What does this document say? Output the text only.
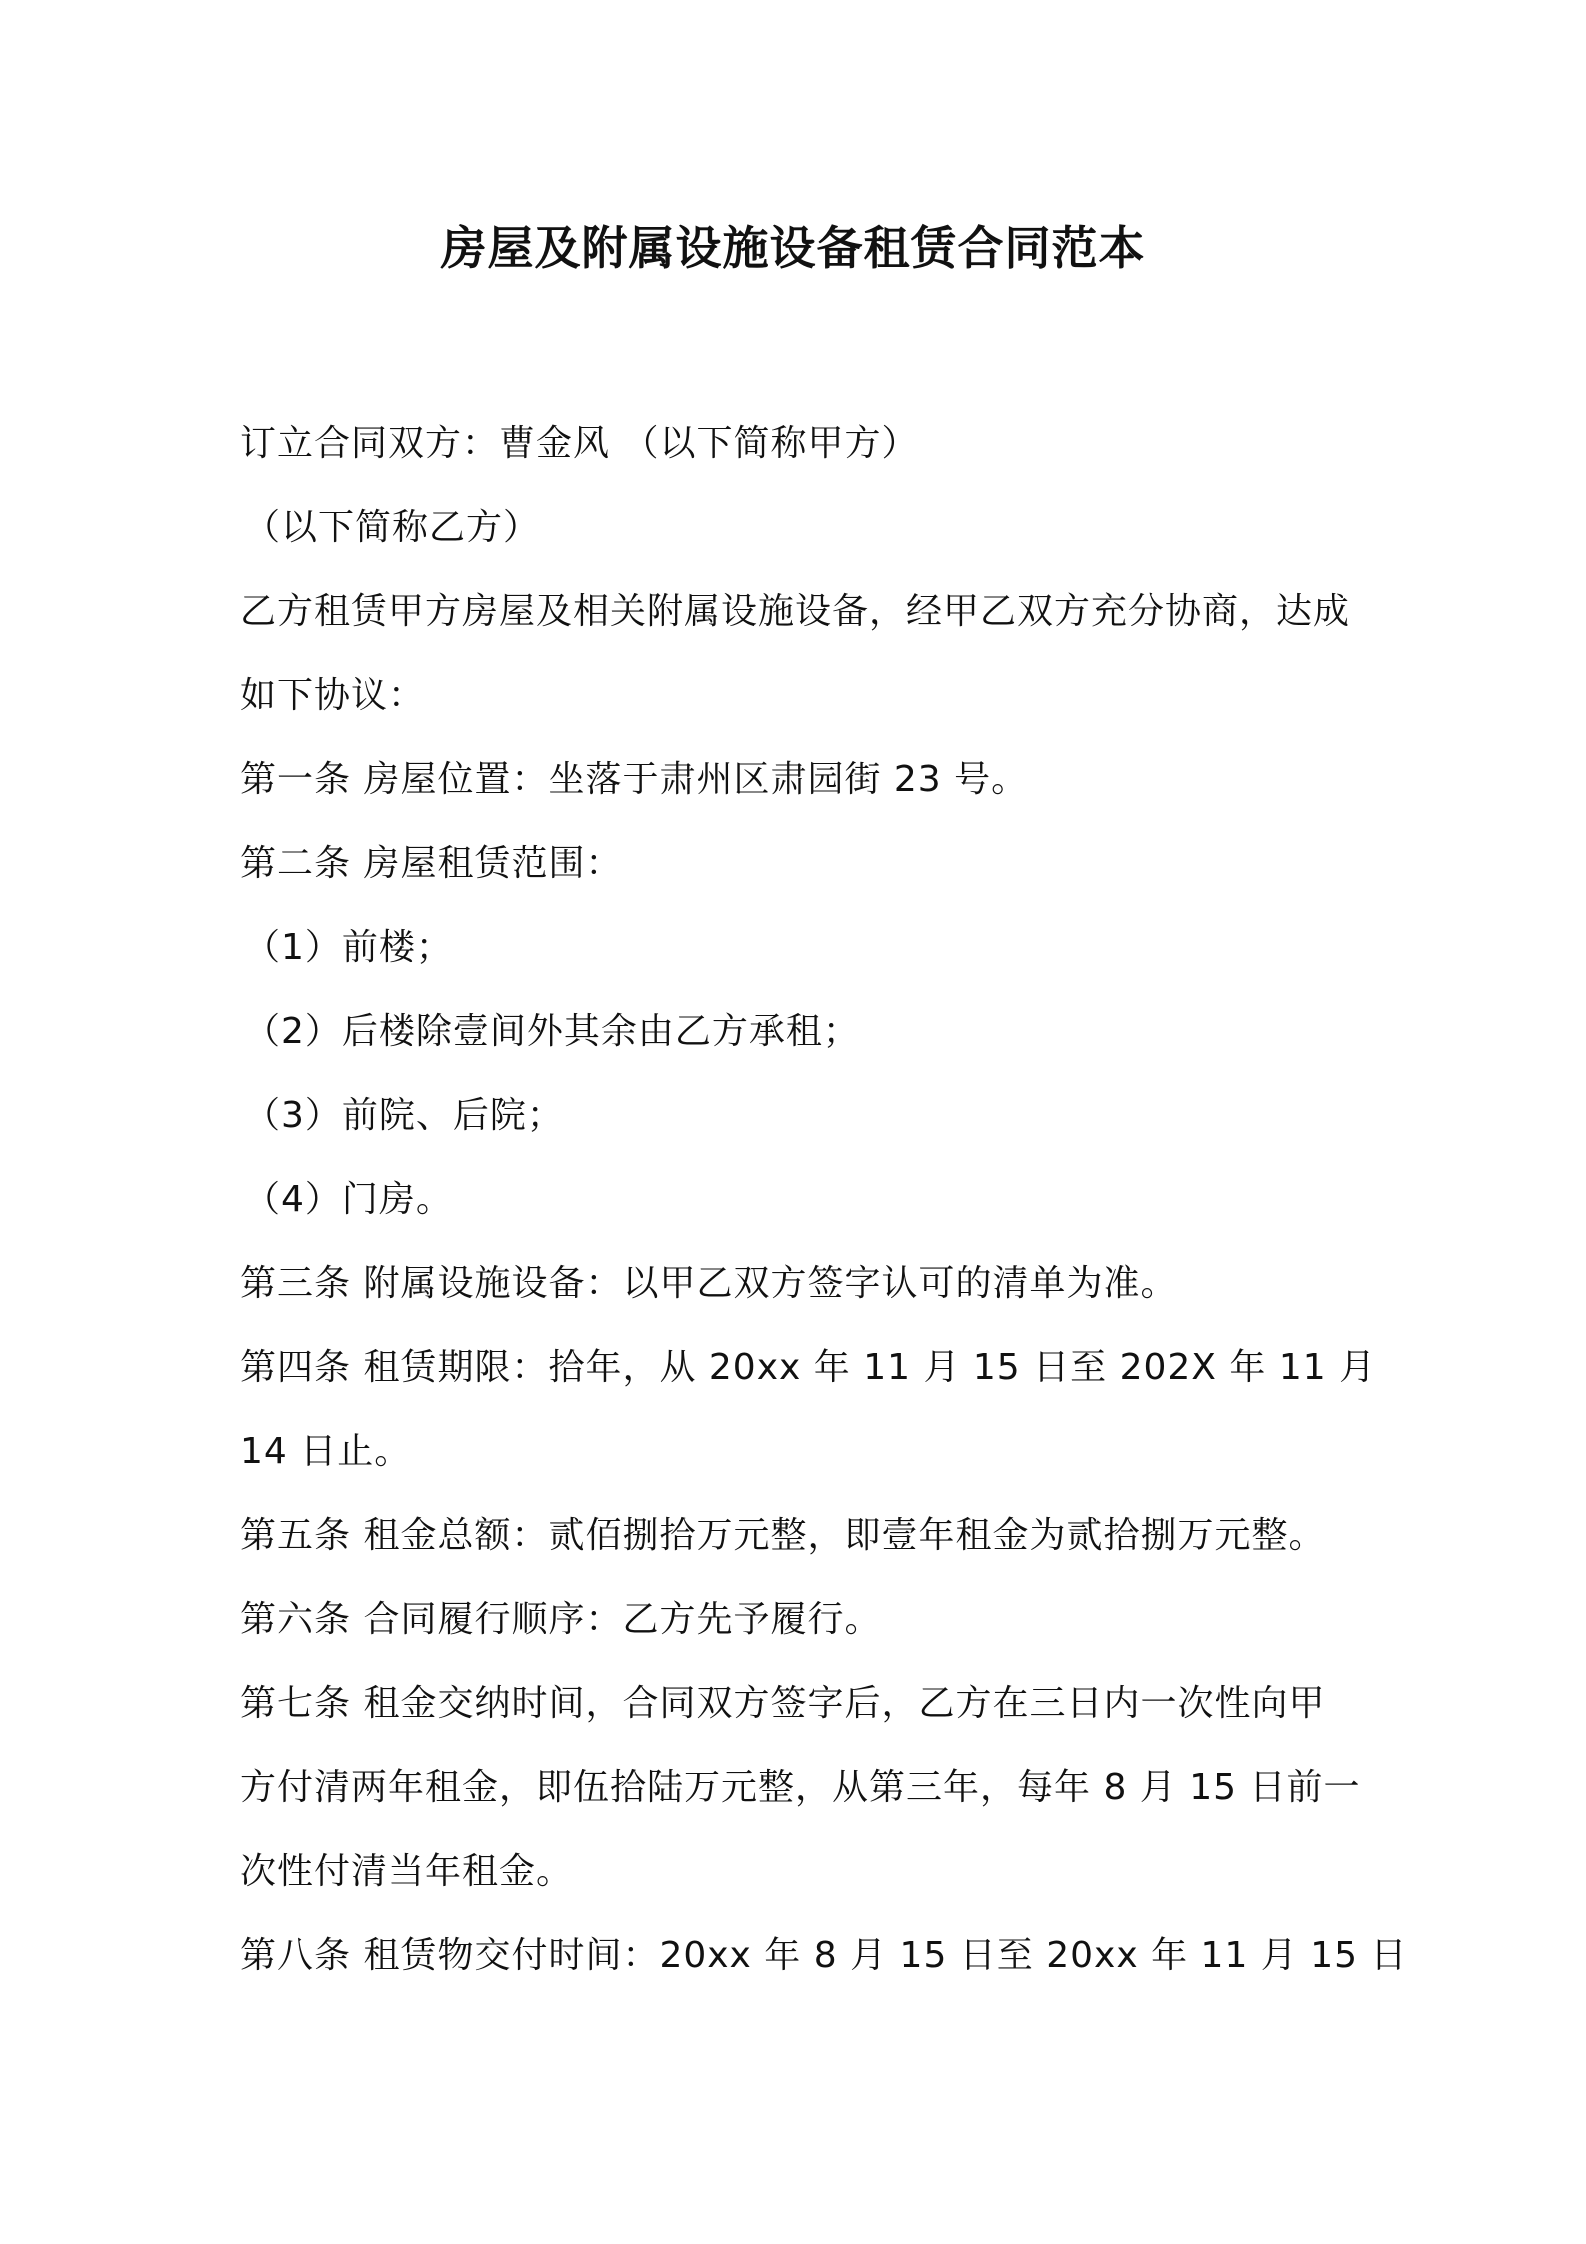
房屋及附属设施设备租赁合同范本
订立合同双方：曹金风 （以下简称甲方）
（以下简称乙方）
乙方租赁甲方房屋及相关附属设施设备，经甲乙双方充分协商，达成
如下协议：
第一条 房屋位置：坐落于肃州区肃园街 23 号。
第二条 房屋租赁范围：
（1）前楼；
（2）后楼除壹间外其余由乙方承租；
（3）前院、后院；
（4）门房。
第三条 附属设施设备：以甲乙双方签字认可的清单为准。
第四条 租赁期限：拾年，从 20xx 年 11 月 15 日至 202X 年 11 月
14 日止。
第五条 租金总额：贰佰捌拾万元整，即壹年租金为贰拾捌万元整。
第六条 合同履行顺序：乙方先予履行。
第七条 租金交纳时间，合同双方签字后，乙方在三日内一次性向甲
方付清两年租金，即伍拾陆万元整，从第三年，每年 8 月 15 日前一
次性付清当年租金。
第八条 租赁物交付时间：20xx 年 8 月 15 日至 20xx 年 11 月 15 日
